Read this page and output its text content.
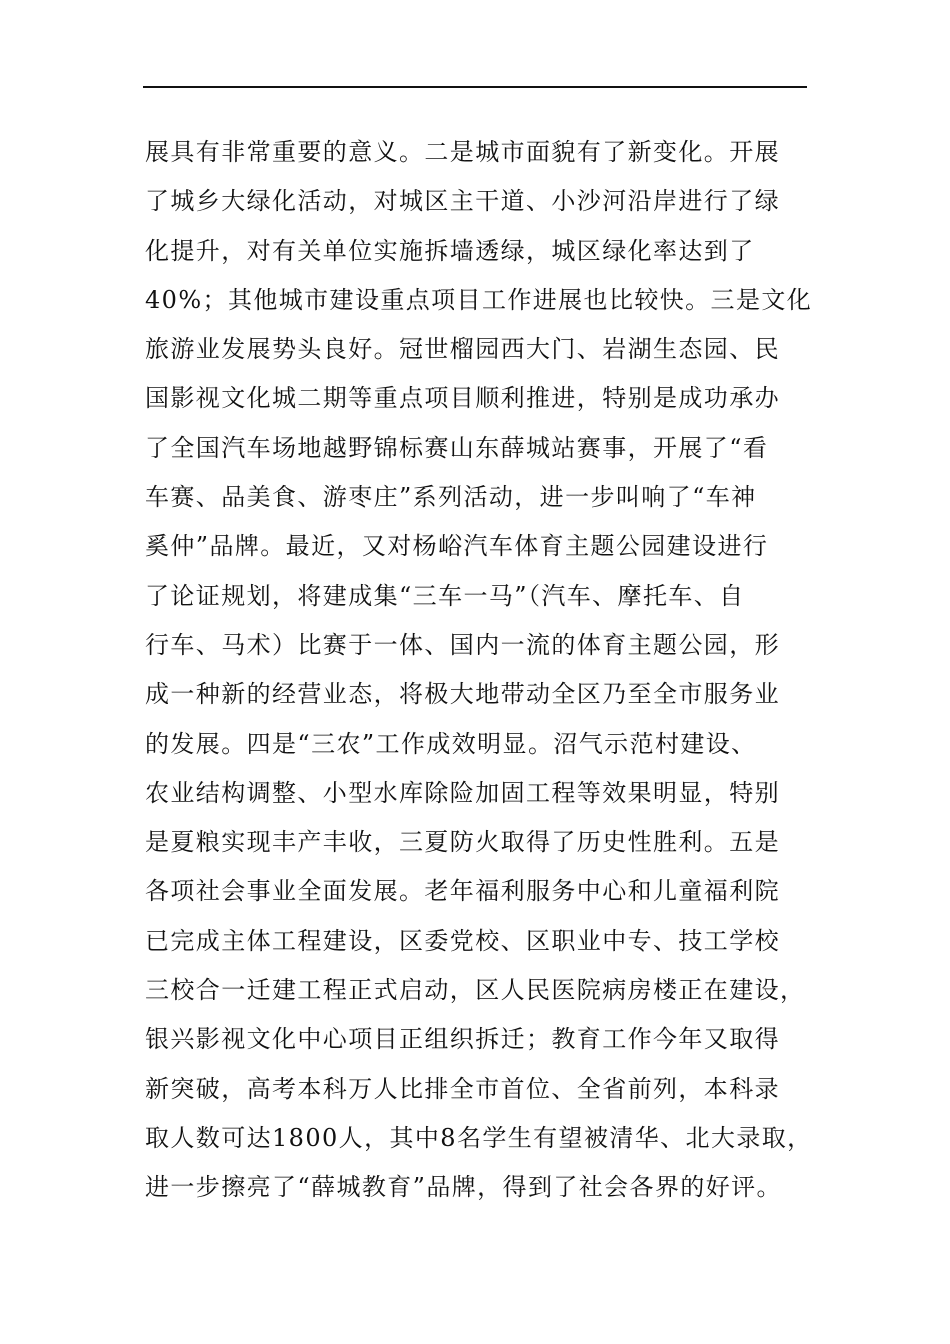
展具有非常重要的意义。二是城市面貌有了新变化。开展
了城乡大绿化活动，对城区主干道、小沙河沿岸进行了绿
化提升，对有关单位实施拆墙透绿，城区绿化率达到了
40%；其他城市建设重点项目工作进展也比较快。三是文化
旅游业发展势头良好。冠世榴园西大门、岩湖生态园、民
国影视文化城二期等重点项目顺利推进，特别是成功承办
了全国汽车场地越野锦标赛山东薛城站赛事，开展了“看
车赛、品美食、游枣庄”系列活动，进一步叫响了“车神
奚仲”品牌。最近，又对杨峪汽车体育主题公园建设进行
了论证规划，将建成集“三车一马”（汽车、摩托车、自
行车、马术）比赛于一体、国内一流的体育主题公园，形
成一种新的经营业态，将极大地带动全区乃至全市服务业
的发展。四是“三农”工作成效明显。沼气示范村建设、
农业结构调整、小型水库除险加固工程等效果明显，特别
是夏粮实现丰产丰收，三夏防火取得了历史性胜利。五是
各项社会事业全面发展。老年福利服务中心和儿童福利院
已完成主体工程建设，区委党校、区职业中专、技工学校
三校合一迁建工程正式启动，区人民医院病房楼正在建设，
银兴影视文化中心项目正组织拆迁；教育工作今年又取得
新突破，高考本科万人比排全市首位、全省前列，本科录
取人数可达1800人，其中8名学生有望被清华、北大录取，
进一步擦亮了“薛城教育”品牌，得到了社会各界的好评。
